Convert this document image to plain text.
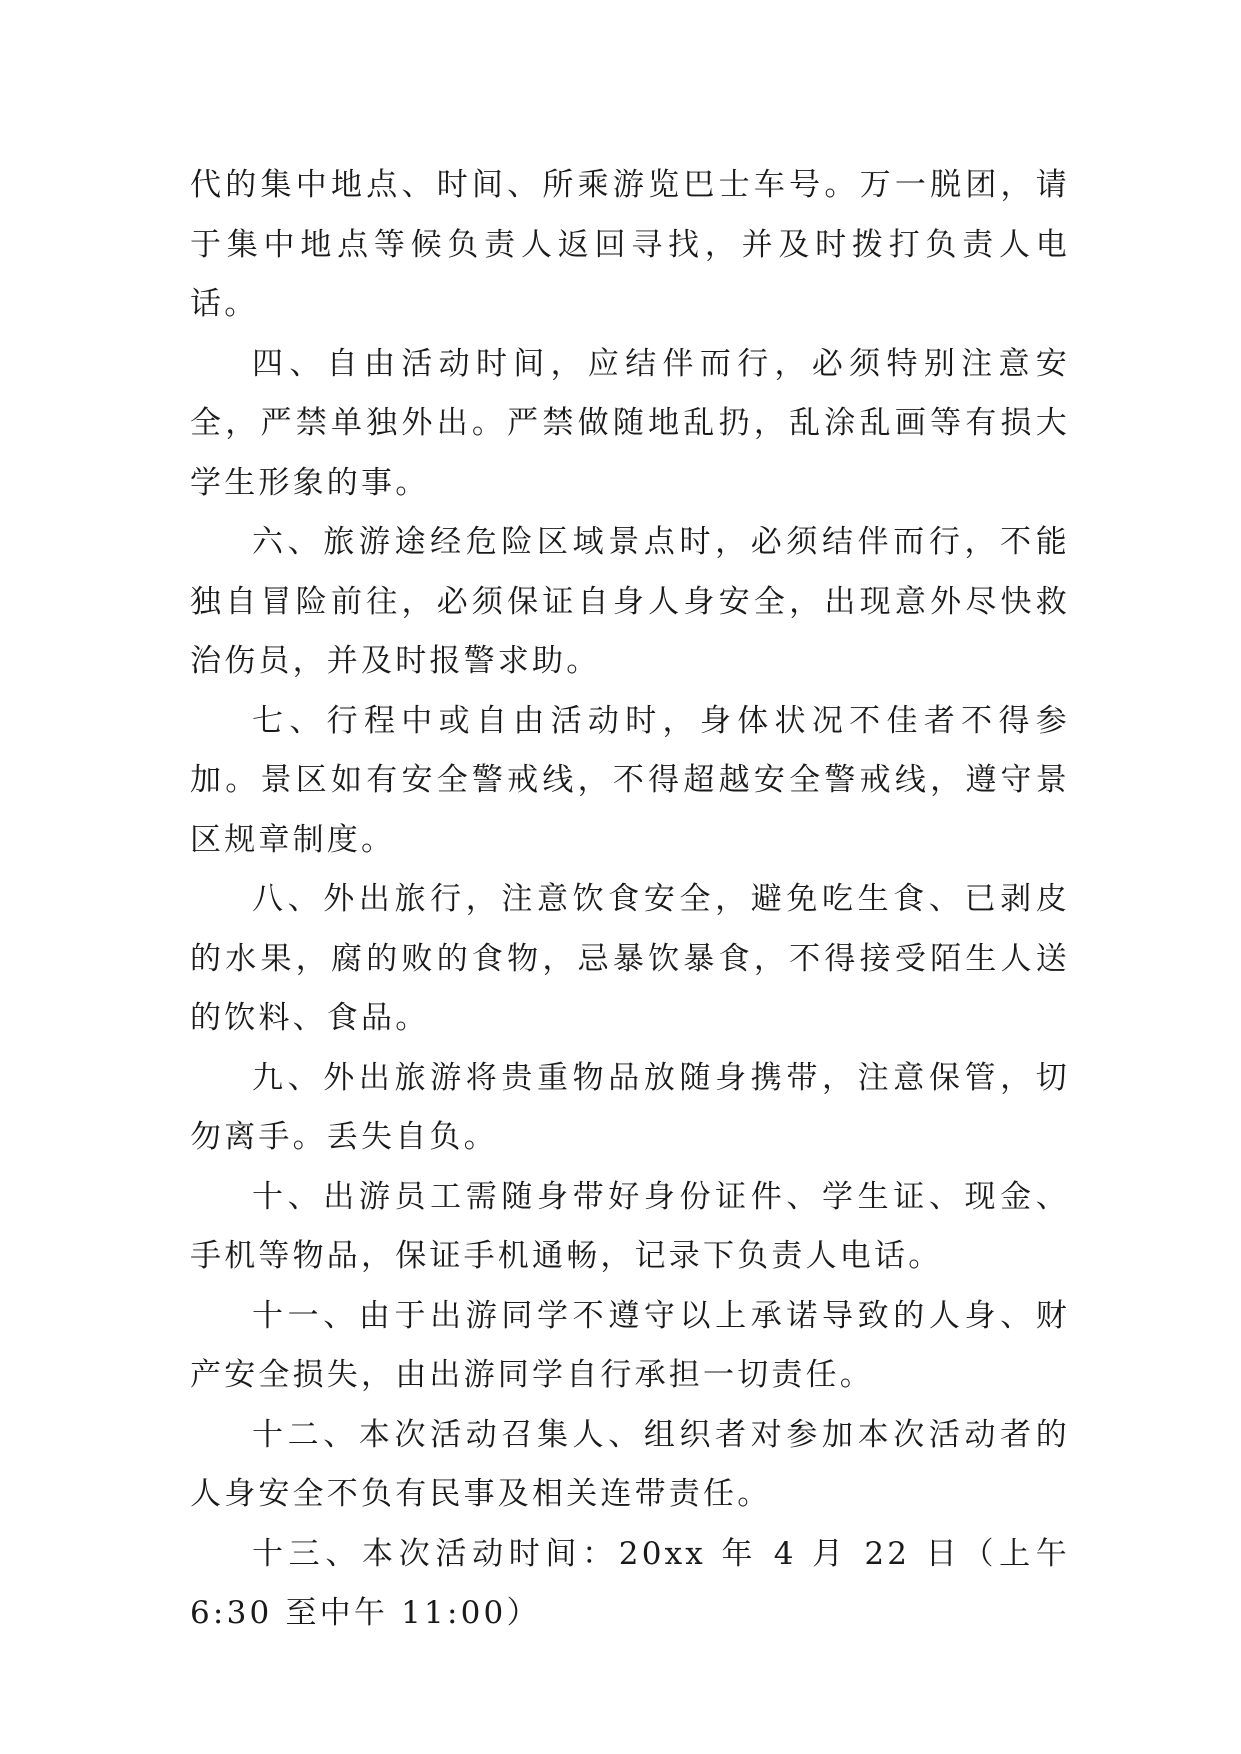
代的集中地点、时间、所乘游览巴士车号。万一脱团，请于集中地点等候负责人返回寻找，并及时拨打负责人电话。

四、自由活动时间，应结伴而行，必须特别注意安全，严禁单独外出。严禁做随地乱扔，乱涂乱画等有损大学生形象的事。

六、旅游途经危险区域景点时，必须结伴而行，不能独自冒险前往，必须保证自身人身安全，出现意外尽快救治伤员，并及时报警求助。

七、行程中或自由活动时，身体状况不佳者不得参加。景区如有安全警戒线，不得超越安全警戒线，遵守景区规章制度。

八、外出旅行，注意饮食安全，避免吃生食、已剥皮的水果，腐的败的食物，忌暴饮暴食，不得接受陌生人送的饮料、食品。

九、外出旅游将贵重物品放随身携带，注意保管，切勿离手。丢失自负。

十、出游员工需随身带好身份证件、学生证、现金、手机等物品，保证手机通畅，记录下负责人电话。

十一、由于出游同学不遵守以上承诺导致的人身、财产安全损失，由出游同学自行承担一切责任。

十二、本次活动召集人、组织者对参加本次活动者的人身安全不负有民事及相关连带责任。

十三、本次活动时间：20xx 年 4 月 22 日（上午 6:30 至中午 11:00）
